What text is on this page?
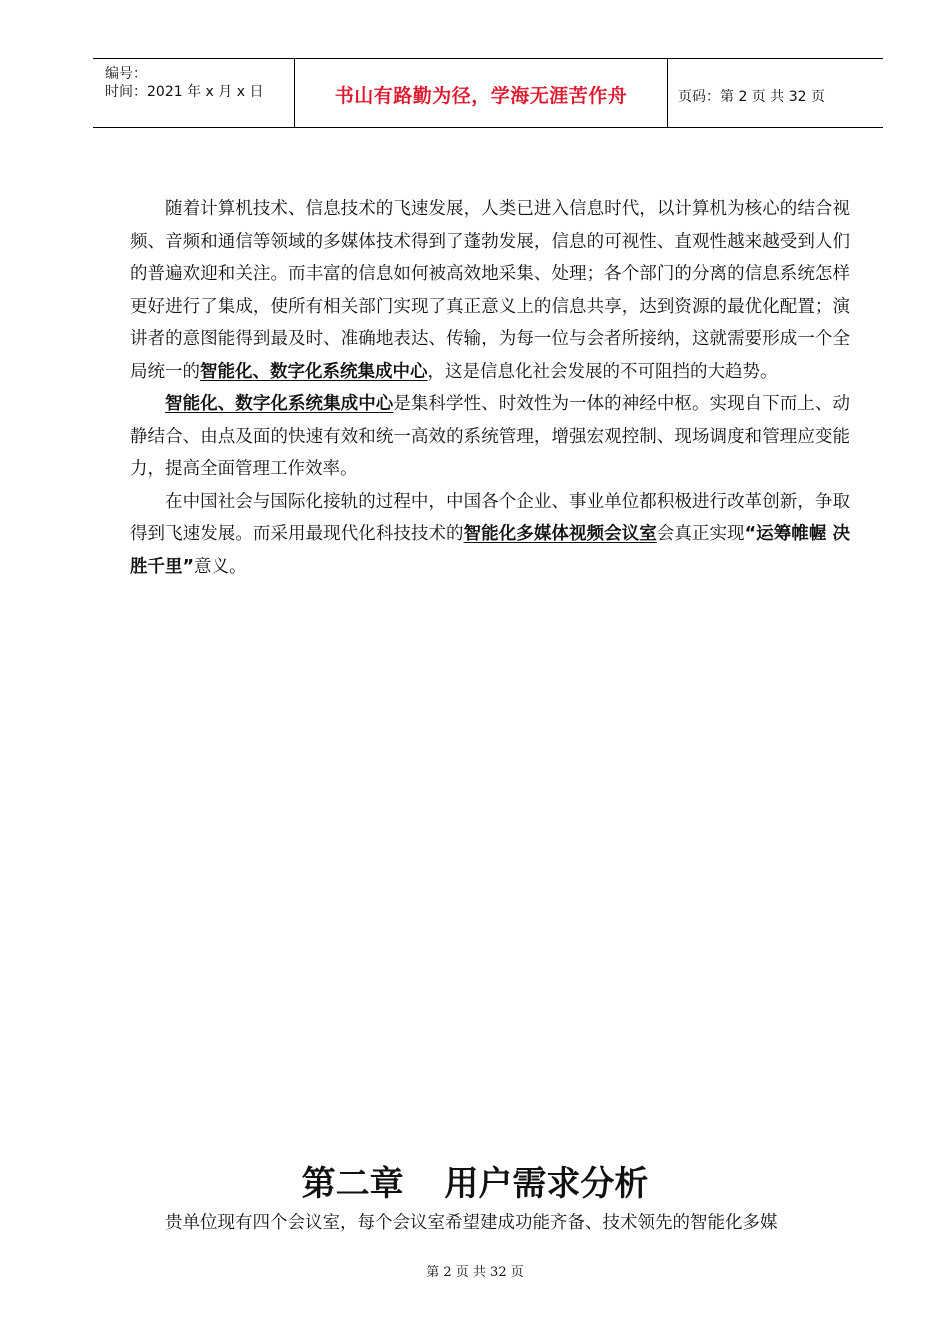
编号：
时间：2021 年 x 月 x 日	书山有路勤为径，学海无涯苦作舟	页码：第 2 页 共 32 页

随着计算机技术、信息技术的飞速发展，人类已进入信息时代，以计算机为核心的结合视频、音频和通信等领域的多媒体技术得到了蓬勃发展，信息的可视性、直观性越来越受到人们的普遍欢迎和关注。而丰富的信息如何被高效地采集、处理；各个部门的分离的信息系统怎样更好进行了集成，使所有相关部门实现了真正意义上的信息共享，达到资源的最优化配置；演讲者的意图能得到最及时、准确地表达、传输，为每一位与会者所接纳，这就需要形成一个全局统一的智能化、数字化系统集成中心，这是信息化社会发展的不可阻挡的大趋势。

智能化、数字化系统集成中心是集科学性、时效性为一体的神经中枢。实现自下而上、动静结合、由点及面的快速有效和统一高效的系统管理，增强宏观控制、现场调度和管理应变能力，提高全面管理工作效率。

在中国社会与国际化接轨的过程中，中国各个企业、事业单位都积极进行改革创新，争取得到飞速发展。而采用最现代化科技技术的智能化多媒体视频会议室会真正实现“运筹帷幄 决胜千里”意义。

第二章 用户需求分析
贵单位现有四个会议室，每个会议室希望建成功能齐备、技术领先的智能化多媒
第 2 页 共 32 页
